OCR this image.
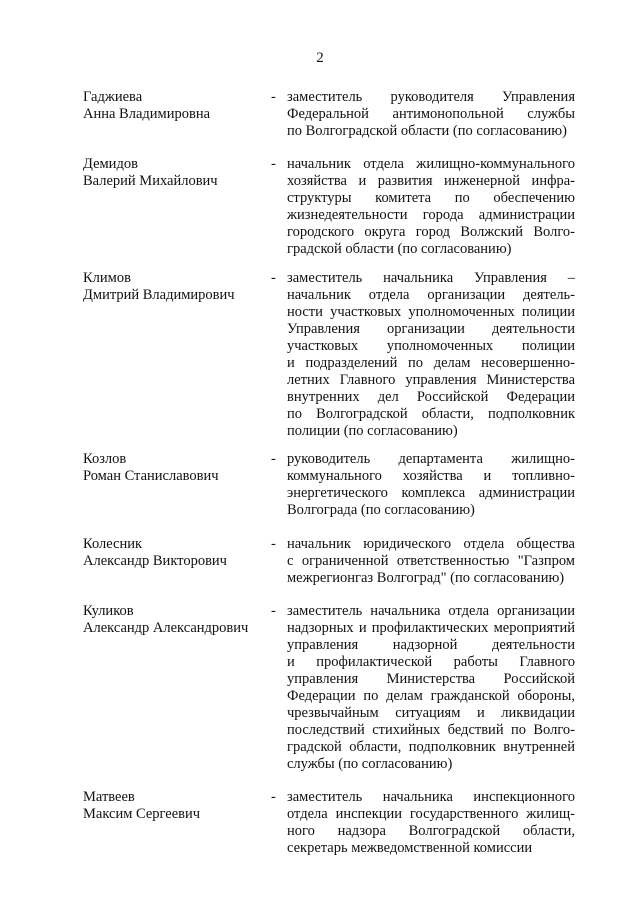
2
Гаджиева
Анна Владимировна
- заместитель руководителя Управления
Федеральной антимонопольной службы
по Волгоградской области (по согласованию)
Демидов
Валерий Михайлович
- начальник отдела жилищно-коммунального
хозяйства и развития инженерной инфра-
структуры комитета по обеспечению
жизнедеятельности города администрации
городского округа город Волжский Волго-
градской области (по согласованию)
Климов
Дмитрий Владимирович
- заместитель начальника Управления –
начальник отдела организации деятель-
ности участковых уполномоченных полиции
Управления организации деятельности
участковых уполномоченных полиции
и подразделений по делам несовершенно-
летних Главного управления Министерства
внутренних дел Российской Федерации
по Волгоградской области, подполковник
полиции (по согласованию)
Козлов
Роман Станиславович
- руководитель департамента жилищно-
коммунального хозяйства и топливно-
энергетического комплекса администрации
Волгограда (по согласованию)
Колесник
Александр Викторович
- начальник юридического отдела общества
с ограниченной ответственностью "Газпром
межрегионгаз Волгоград" (по согласованию)
Куликов
Александр Александрович
- заместитель начальника отдела организации
надзорных и профилактических мероприятий
управления надзорной деятельности
и профилактической работы Главного
управления Министерства Российской
Федерации по делам гражданской обороны,
чрезвычайным ситуациям и ликвидации
последствий стихийных бедствий по Волго-
градской области, подполковник внутренней
службы (по согласованию)
Матвеев
Максим Сергеевич
- заместитель начальника инспекционного
отдела инспекции государственного жилищ-
ного надзора Волгоградской области,
секретарь межведомственной комиссии
